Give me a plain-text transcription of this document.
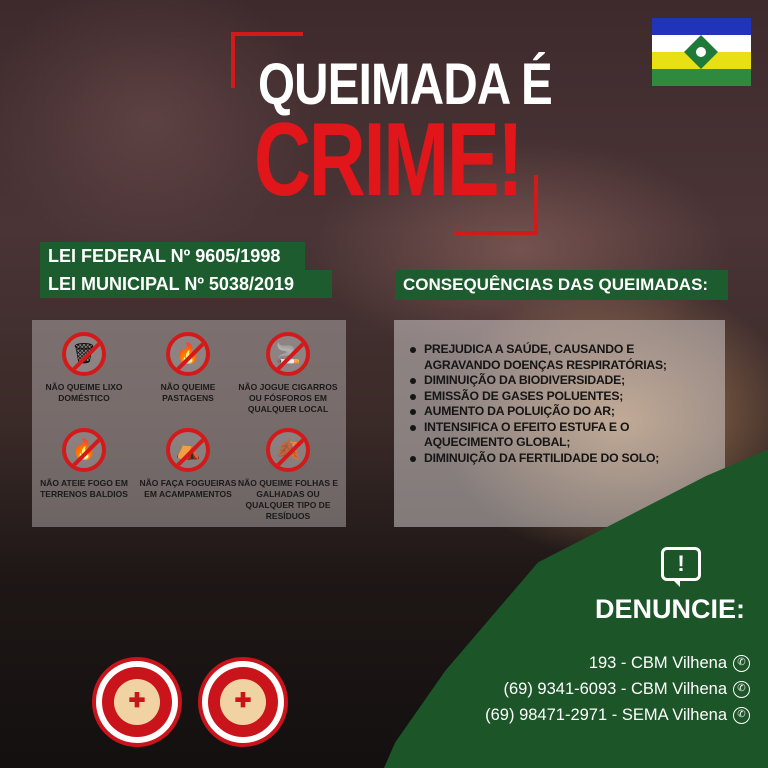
QUEIMADA É
CRIME!
LEI FEDERAL Nº 9605/1998
LEI MUNICIPAL Nº 5038/2019	CONSEQUÊNCIAS DAS QUEIMADAS:
🗑
NÃO QUEIME LIXO DOMÉSTICO
🔥
NÃO QUEIME PASTAGENS
🚬
NÃO JOGUE CIGARROS OU FÓSFOROS EM QUALQUER LOCAL
🔥
NÃO ATEIE FOGO EM TERRENOS BALDIOS
⛺
NÃO FAÇA FOGUEIRAS EM ACAMPAMENTOS
🍂
NÃO QUEIME FOLHAS E GALHADAS OU QUALQUER TIPO DE RESÍDUOS
PREJUDICA A SAÚDE, CAUSANDO E AGRAVANDO DOENÇAS RESPIRATÓRIAS;
DIMINUIÇÃO DA BIODIVERSIDADE;
EMISSÃO DE GASES POLUENTES;
AUMENTO DA POLUIÇÃO DO AR;
INTENSIFICA O EFEITO ESTUFA E O AQUECIMENTO GLOBAL;
DIMINUIÇÃO DA FERTILIDADE DO SOLO;
!
DENUNCIE:
193 - CBM Vilhena	✆
(69) 9341-6093 - CBM Vilhena	✆
(69) 98471-2971 - SEMA Vilhena	✆
✚	✚
